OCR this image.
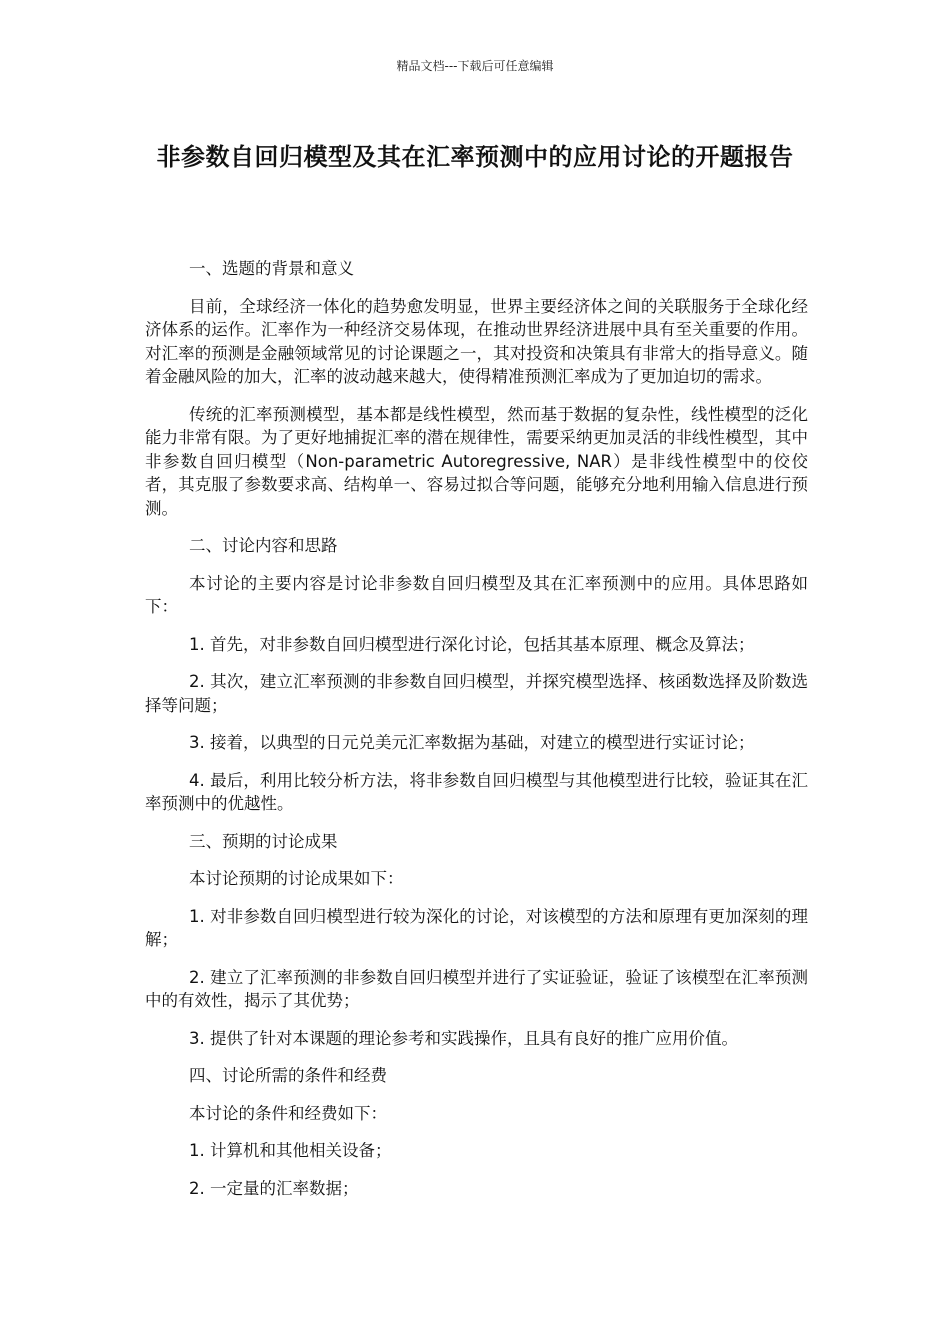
精品文档---下载后可任意编辑
非参数自回归模型及其在汇率预测中的应用讨论的开题报告

一、选题的背景和意义

目前，全球经济一体化的趋势愈发明显，世界主要经济体之间的关联服务于全球化经济体系的运作。汇率作为一种经济交易体现，在推动世界经济进展中具有至关重要的作用。对汇率的预测是金融领域常见的讨论课题之一，其对投资和决策具有非常大的指导意义。随着金融风险的加大，汇率的波动越来越大，使得精准预测汇率成为了更加迫切的需求。

传统的汇率预测模型，基本都是线性模型，然而基于数据的复杂性，线性模型的泛化能力非常有限。为了更好地捕捉汇率的潜在规律性，需要采纳更加灵活的非线性模型，其中非参数自回归模型（Non-parametric Autoregressive, NAR）是非线性模型中的佼佼者，其克服了参数要求高、结构单一、容易过拟合等问题，能够充分地利用输入信息进行预测。

二、讨论内容和思路

本讨论的主要内容是讨论非参数自回归模型及其在汇率预测中的应用。具体思路如下：

1. 首先，对非参数自回归模型进行深化讨论，包括其基本原理、概念及算法；

2. 其次，建立汇率预测的非参数自回归模型，并探究模型选择、核函数选择及阶数选择等问题；

3. 接着，以典型的日元兑美元汇率数据为基础，对建立的模型进行实证讨论；

4. 最后，利用比较分析方法，将非参数自回归模型与其他模型进行比较，验证其在汇率预测中的优越性。

三、预期的讨论成果

本讨论预期的讨论成果如下：

1. 对非参数自回归模型进行较为深化的讨论，对该模型的方法和原理有更加深刻的理解；

2. 建立了汇率预测的非参数自回归模型并进行了实证验证，验证了该模型在汇率预测中的有效性，揭示了其优势；

3. 提供了针对本课题的理论参考和实践操作，且具有良好的推广应用价值。

四、讨论所需的条件和经费

本讨论的条件和经费如下：

1. 计算机和其他相关设备；

2. 一定量的汇率数据；
